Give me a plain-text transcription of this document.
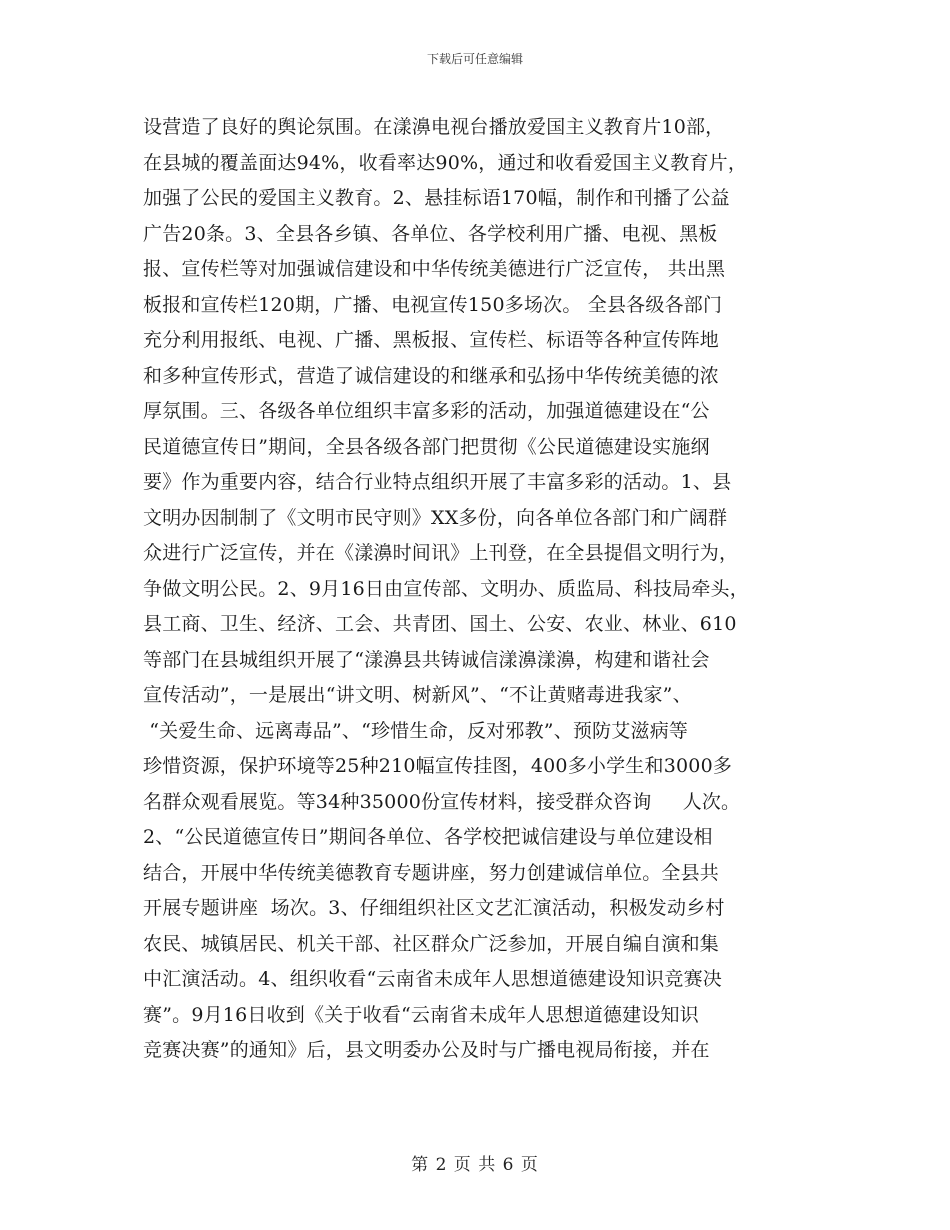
下载后可任意编辑
设营造了良好的舆论氛围。在漾濞电视台播放爱国主义教育片10部，
在县城的覆盖面达94%，收看率达90%，通过和收看爱国主义教育片，
加强了公民的爱国主义教育。2、悬挂标语170幅，制作和刊播了公益
广告20条。3、全县各乡镇、各单位、各学校利用广播、电视、黑板
报、宣传栏等对加强诚信建设和中华传统美德进行广泛宣传， 共出黑
板报和宣传栏120期，广播、电视宣传150多场次。 全县各级各部门
充分利用报纸、电视、广播、黑板报、宣传栏、标语等各种宣传阵地
和多种宣传形式，营造了诚信建设的和继承和弘扬中华传统美德的浓
厚氛围。三、各级各单位组织丰富多彩的活动，加强道德建设在“公
民道德宣传日”期间，全县各级各部门把贯彻《公民道德建设实施纲
要》作为重要内容，结合行业特点组织开展了丰富多彩的活动。1、县
文明办因制制了《文明市民守则》XX多份，向各单位各部门和广阔群
众进行广泛宣传，并在《漾濞时间讯》上刊登，在全县提倡文明行为，
争做文明公民。2、9月16日由宣传部、文明办、质监局、科技局牵头，
县工商、卫生、经济、工会、共青团、国土、公安、农业、林业、610
等部门在县城组织开展了“漾濞县共铸诚信漾濞漾濞，构建和谐社会
宣传活动”，一是展出“讲文明、树新风”、“不让黄赌毒进我家”、
“关爱生命、远离毒品”、“珍惜生命，反对邪教”、预防艾滋病等
珍惜资源，保护环境等25种210幅宣传挂图，400多小学生和3000多
名群众观看展览。等34种35000份宣传材料，接受群众咨询     人次。
2、“公民道德宣传日”期间各单位、各学校把诚信建设与单位建设相
结合，开展中华传统美德教育专题讲座，努力创建诚信单位。全县共
开展专题讲座  场次。3、仔细组织社区文艺汇演活动，积极发动乡村
农民、城镇居民、机关干部、社区群众广泛参加，开展自编自演和集
中汇演活动。4、组织收看“云南省未成年人思想道德建设知识竞赛决
赛”。9月16日收到《关于收看“云南省未成年人思想道德建设知识
竞赛决赛”的通知》后，县文明委办公及时与广播电视局衔接，并在
第 2 页 共 6 页
